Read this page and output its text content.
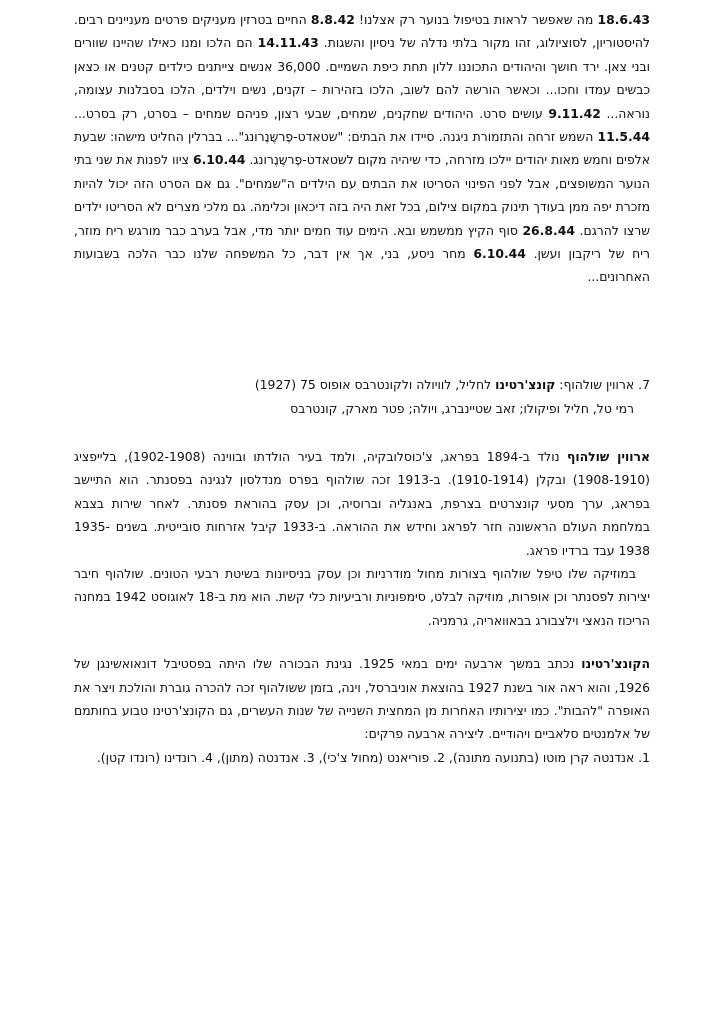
18.6.43 מה שאפשר לראות בטיפול בנוער רק אצלנו! 8.8.42 החיים בטרזין מעניקים פרטים מעניינים רבים. להיסטוריון, לסוציולוג, זהו מקור בלתי נדלה של ניסיון והשגות. 14.11.43 הם הלכו ומנו כאילו שהיינו שוורים ובני צאן. ירד חושך והיהודים התכוננו ללון תחת כיפת השמיים. 36,000 אנשים צייתנים כילדים קטנים או כצאן כבשים עמדו וחכו... וכאשר הורשה להם לשוב, הלכו בזהירות – זקנים, נשים וילדים, הלכו בסבלנות עצומה, נוראה... 9.11.42 עושים סרט. היהודים שחקנים, שמחים, שבעי רצון, פניהם שמחים – בסרט, רק בסרט... 11.5.44 השמש זרחה והתזמורת ניגנה. סיידו את הבתים: "שטאדט-פֶרשֶנֶרונג"... בברלין החליט מישהו: שבעת אלפים וחמש מאות יהודים יילכו מזרחה, כדי שיהיה מקום לשטאדט-פֶרשֶנֶרונג. 6.10.44 ציוו לפנות את שני בתי הנוער המשופצים, אבל לפני הפינוי הסריטו את הבתים עם הילדים ה"שמחים". גם אם הסרט הזה יכול להיות מזכרת יפה ממן בעודך תינוק במקום צילום, בכל זאת היה בזה דיכאון וכלימה. גם מלכי מצרים לא הסריטו ילדים שרצו להרגם. 26.8.44 סוף הקיץ ממשמש ובא. הימים עוד חמים יותר מדי, אבל בערב כבר מורגש ריח מוזר, ריח של ריקבון ועשן. 6.10.44 מחר ניסע, בני, אך אין דבר, כל המשפחה שלנו כבר הלכה בשבועות האחרונים...

7. ארווין שולהוף: קונצ'רטינו לחליל, לוויולה ולקונטרבס אופוס 75 (1927)

רמי טל, חליל ופיקולו; זאב שטיינברג, ויולה; פטר מארק, קונטרבס

ארווין שולהוף נולד ב-1894 בפראג, צ'כוסלובקיה, ולמד בעיר הולדתו ובווינה (1902-1908), בלייפציג (1908-1910) ובקלן (1910-1914). ב-1913 זכה שולהוף בפרס מנדלסון לנגינה בפסנתר. הוא התיישב בפראג, ערך מסעי קונצרטים בצרפת, באנגליה וברוסיה, וכן עסק בהוראת פסנתר. לאחר שירות בצבא במלחמת העולם הראשונה חזר לפראג וחידש את ההוראה. ב-1933 קיבל אזרחות סובייטית. בשנים 1935-1938 עבד ברדיו פראג.

במוזיקה שלו טיפל שולהוף בצורות מחול מודרניות וכן עסק בניסיונות בשיטת רבעי הטונים. שולהוף חיבר יצירות לפסנתר וכן אופרות, מוזיקה לבלט, סימפוניות ורביעיות כלי קשת. הוא מת ב-18 לאוגוסט 1942 במחנה הריכוז הנאצי וילצבורג בבאוואריה, גרמניה.

הקונצ'רטינו נכתב במשך ארבעה ימים במאי 1925. נגינת הבכורה שלו היתה בפסטיבל דונאואשינגן של 1926, והוא ראה אור בשנת 1927 בהוצאת אוניברסל, וינה, בזמן ששולהוף זכה להכרה גוברת והולכת ויצר את האופרה "להבות". כמו יצירותיו האחרות מן המחצית השנייה של שנות העשרים, גם הקונצ'רטינו טבוע בחותמם של אלמנטים סלאביים ויהודיים. ליצירה ארבעה פרקים:

1. אנדנטה קרן מוטו (בתנועה מתונה), 2. פוריאנט (מחול צ'כי), 3. אנדנטה (מתון), 4. רונדינו (רונדו קטן).
